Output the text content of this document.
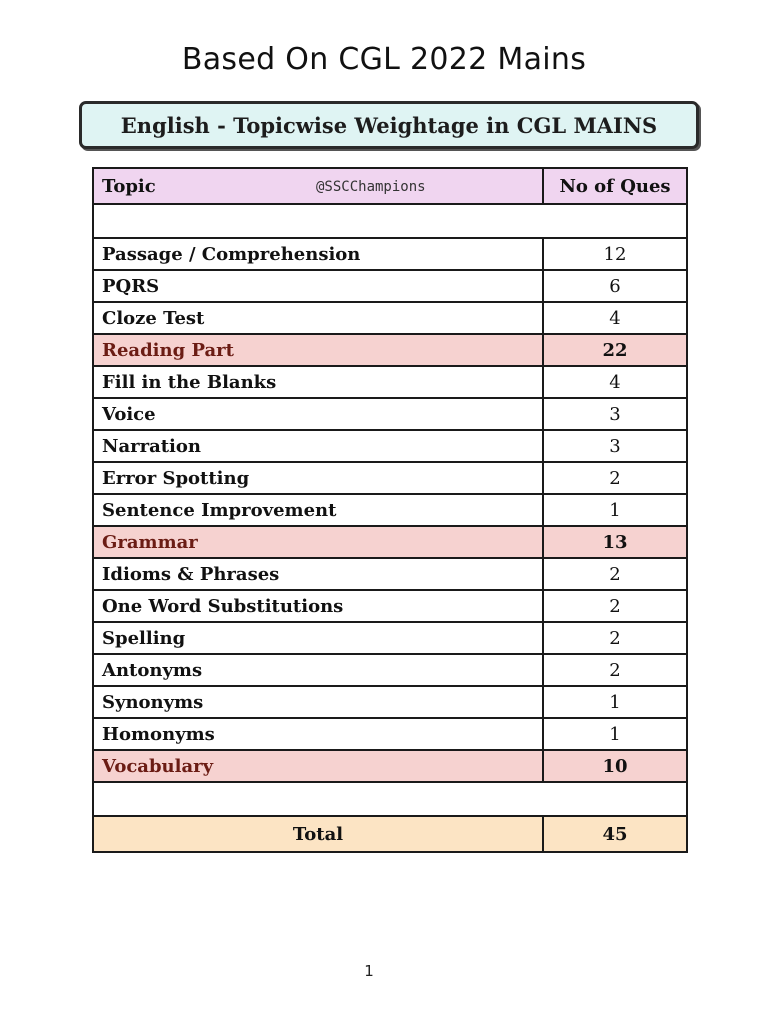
Based On CGL 2022 Mains
English - Topicwise Weightage in CGL MAINS
Topic @SSCChampions	No of Ques

Passage / Comprehension	12
PQRS	6
Cloze Test	4
Reading Part	22
Fill in the Blanks	4
Voice	3
Narration	3
Error Spotting	2
Sentence Improvement	1
Grammar	13
Idioms & Phrases	2
One Word Substitutions	2
Spelling	2
Antonyms	2
Synonyms	1
Homonyms	1
Vocabulary	10

Total	45
1
